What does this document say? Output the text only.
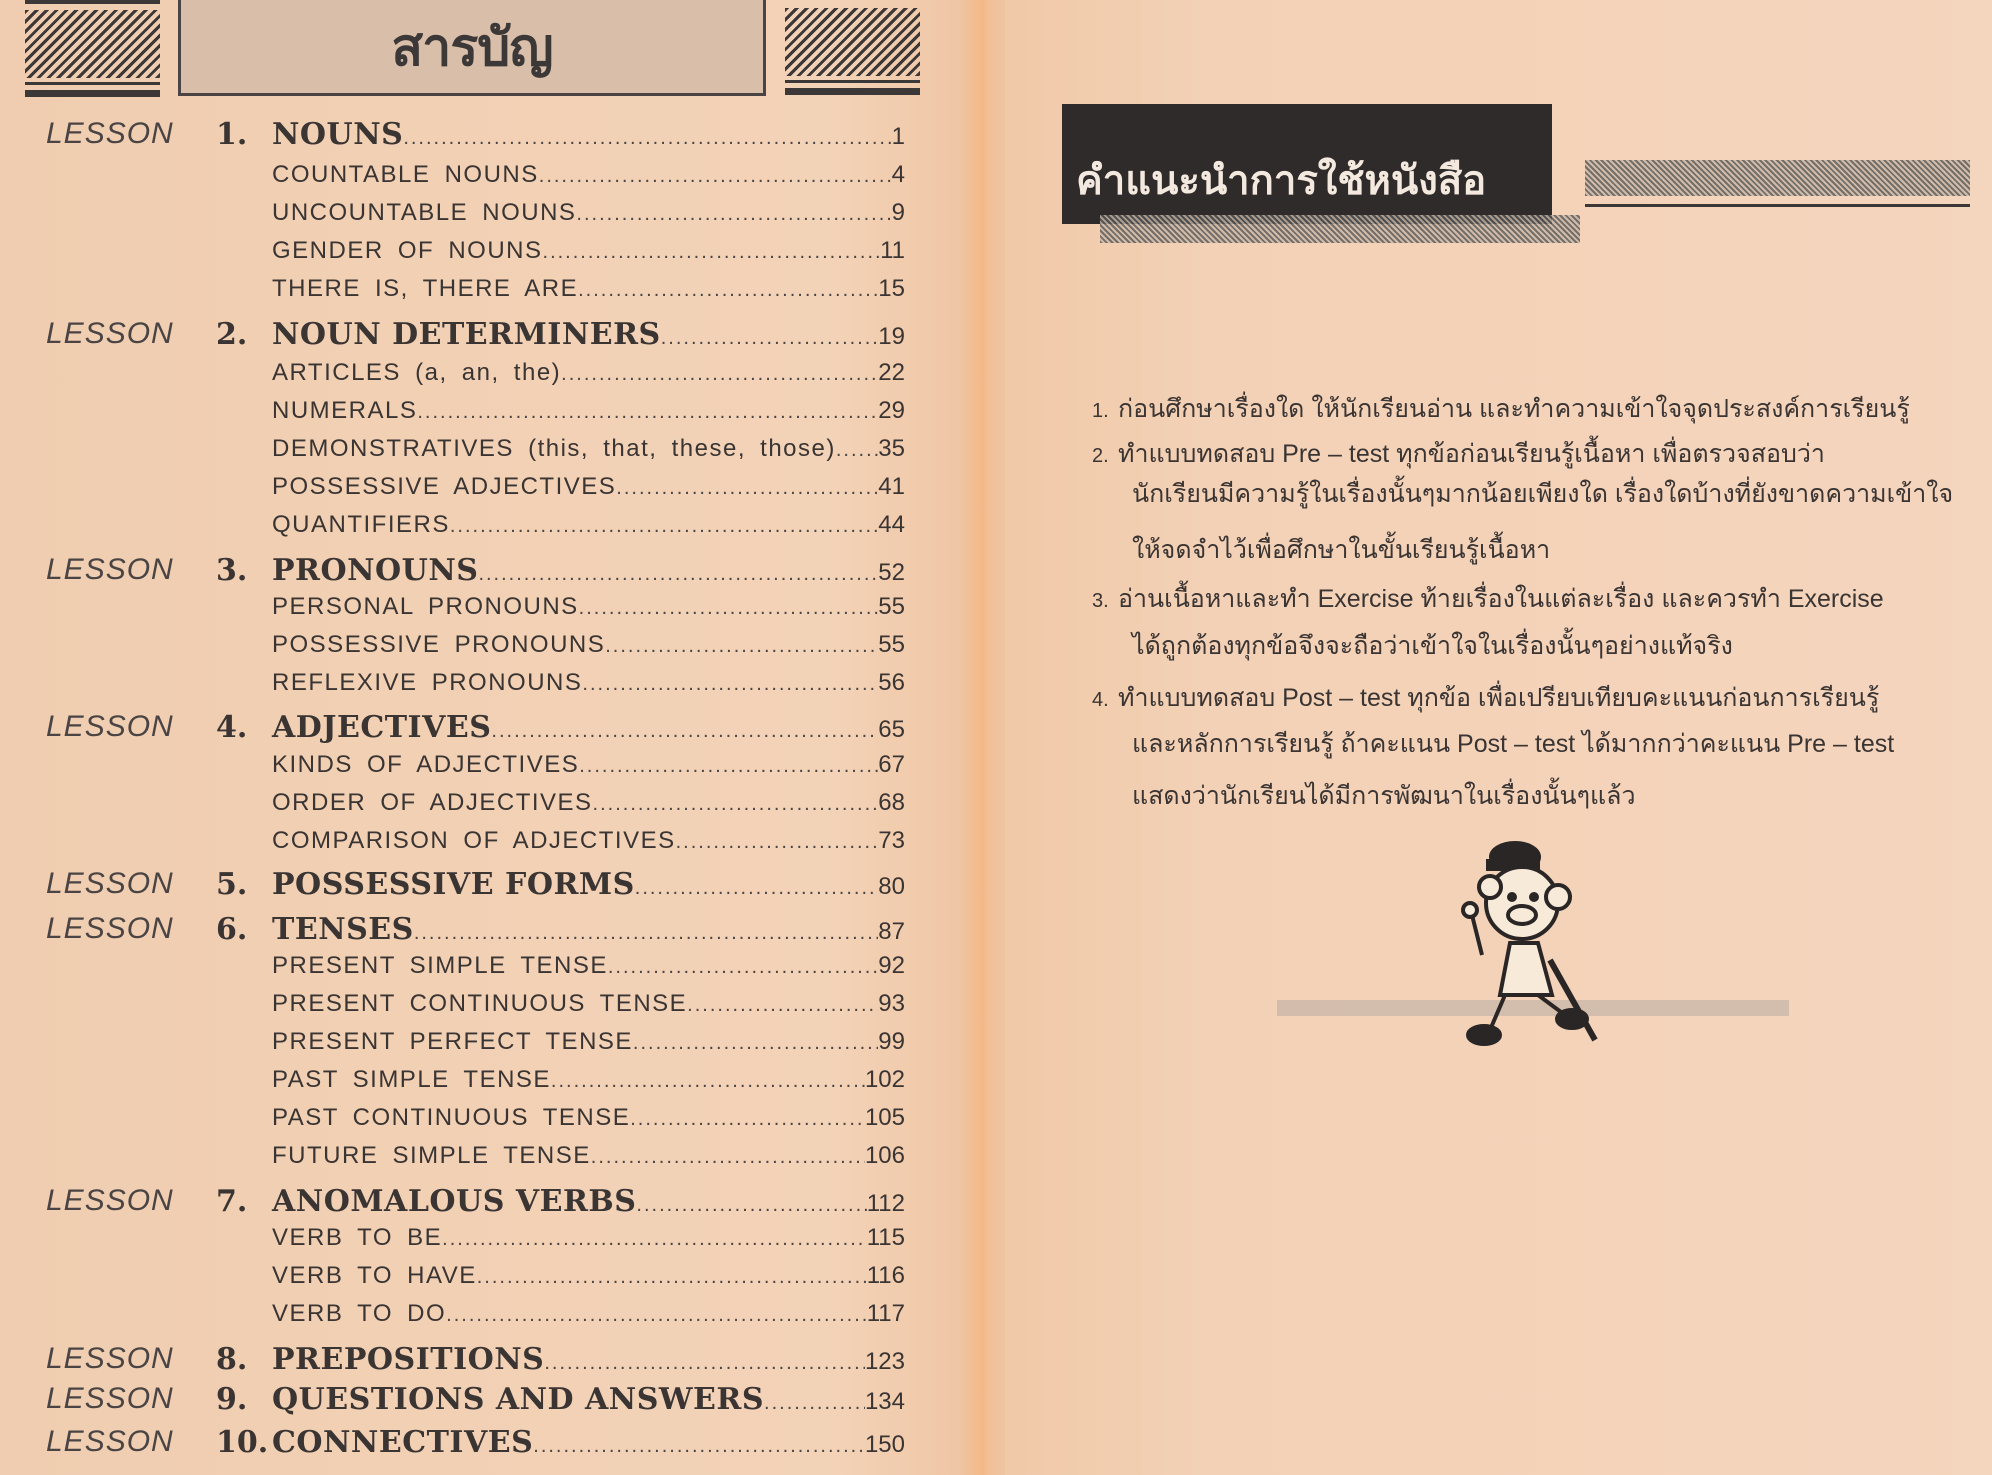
สารบัญ
LESSON 1. NOUNS .....	1
COUNTABLE NOUNS .....	4
UNCOUNTABLE NOUNS .....	9
GENDER OF NOUNS .....	11
THERE IS, THERE ARE .....	15
LESSON 2. NOUN DETERMINERS .....	19
ARTICLES (a, an, the) .....	22
NUMERALS .....	29
DEMONSTRATIVES (this, that, these, those) ..... 35
POSSESSIVE ADJECTIVES .....	41
QUANTIFIERS .....	44
LESSON 3. PRONOUNS .....	52
PERSONAL PRONOUNS .....	55
POSSESSIVE PRONOUNS .....	55
REFLEXIVE PRONOUNS .....	56
LESSON 4. ADJECTIVES .....	65
KINDS OF ADJECTIVES .....	67
ORDER OF ADJECTIVES .....	68
COMPARISON OF ADJECTIVES .....	73
LESSON 5. POSSESSIVE FORMS .....	80
LESSON 6. TENSES .....	87
PRESENT SIMPLE TENSE .....	92
PRESENT CONTINUOUS TENSE .....	93
PRESENT PERFECT TENSE .....	99
PAST SIMPLE TENSE .....	102
PAST CONTINUOUS TENSE .....	105
FUTURE SIMPLE TENSE .....	106
LESSON 7. ANOMALOUS VERBS .....	112
VERB TO BE .....	115
VERB TO HAVE .....	116
VERB TO DO .....	117
LESSON 8. PREPOSITIONS .....	123
LESSON 9. QUESTIONS AND ANSWERS .....	134
LESSON 10. CONNECTIVES .....	150
คำแนะนำการใช้หนังสือ
1. ก่อนศึกษาเรื่องใด ให้นักเรียนอ่าน และทำความเข้าใจจุดประสงค์การเรียนรู้
2. ทำแบบทดสอบ Pre – test ทุกข้อก่อนเรียนรู้เนื้อหา เพื่อตรวจสอบว่า
นักเรียนมีความรู้ในเรื่องนั้นๆมากน้อยเพียงใด เรื่องใดบ้างที่ยังขาดความเข้าใจ
ให้จดจำไว้เพื่อศึกษาในขั้นเรียนรู้เนื้อหา
3. อ่านเนื้อหาและทำ Exercise ท้ายเรื่องในแต่ละเรื่อง และควรทำ Exercise
ได้ถูกต้องทุกข้อจึงจะถือว่าเข้าใจในเรื่องนั้นๆอย่างแท้จริง
4. ทำแบบทดสอบ Post – test ทุกข้อ เพื่อเปรียบเทียบคะแนนก่อนการเรียนรู้
และหลักการเรียนรู้ ถ้าคะแนน Post – test ได้มากกว่าคะแนน Pre – test
แสดงว่านักเรียนได้มีการพัฒนาในเรื่องนั้นๆแล้ว
